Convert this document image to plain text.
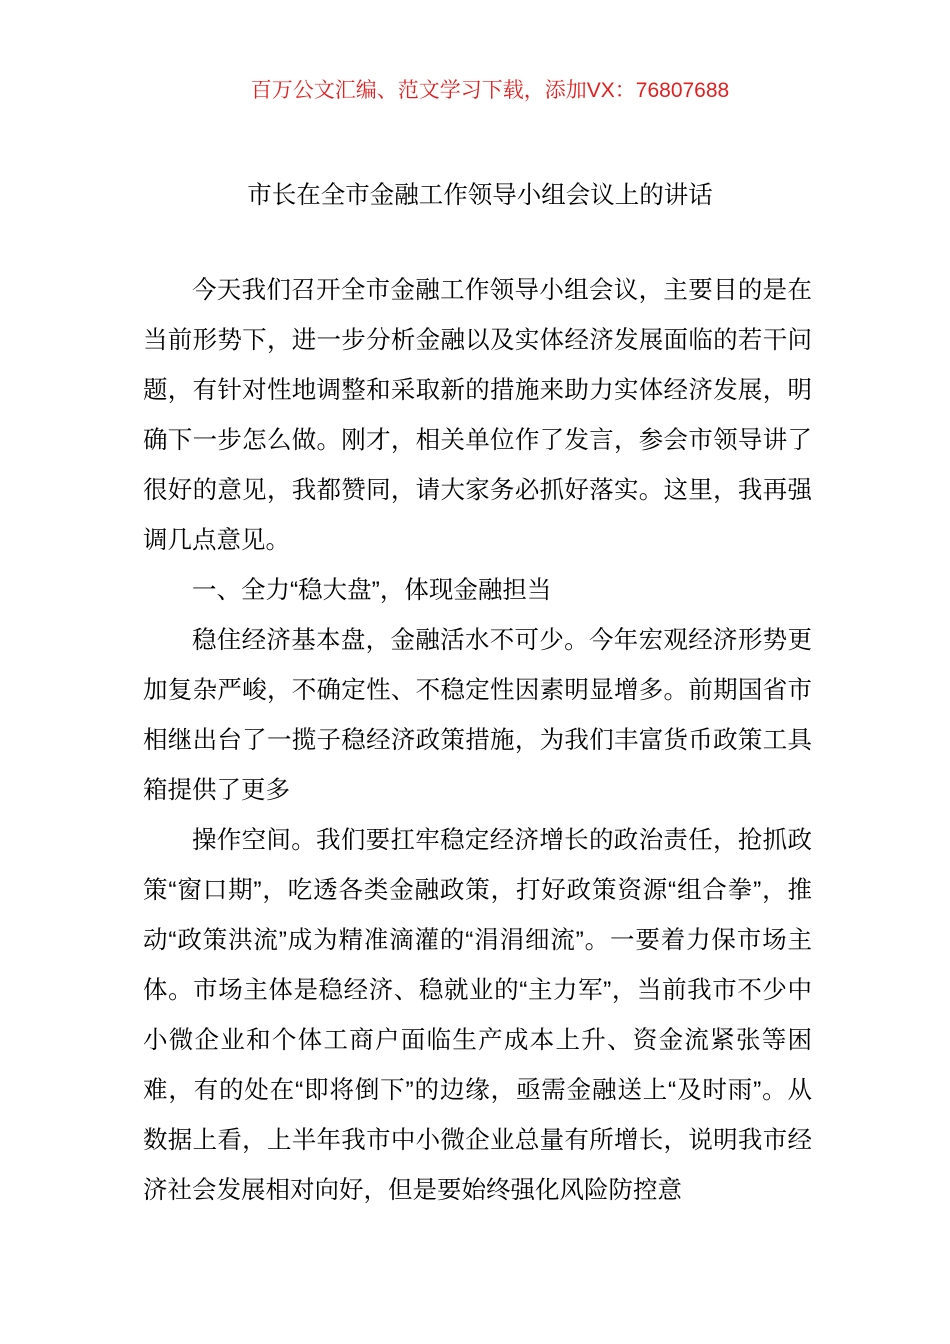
百万公文汇编、范文学习下载，添加VX：76807688
市长在全市金融工作领导小组会议上的讲话

今天我们召开全市金融工作领导小组会议，主要目的是在当前形势下，进一步分析金融以及实体经济发展面临的若干问题，有针对性地调整和采取新的措施来助力实体经济发展，明确下一步怎么做。刚才，相关单位作了发言，参会市领导讲了很好的意见，我都赞同，请大家务必抓好落实。这里，我再强调几点意见。

一、全力“稳大盘”，体现金融担当

稳住经济基本盘，金融活水不可少。今年宏观经济形势更加复杂严峻，不确定性、不稳定性因素明显增多。前期国省市相继出台了一揽子稳经济政策措施，为我们丰富货币政策工具箱提供了更多

操作空间。我们要扛牢稳定经济增长的政治责任，抢抓政策“窗口期”，吃透各类金融政策，打好政策资源“组合拳”，推动“政策洪流”成为精准滴灌的“涓涓细流”。一要着力保市场主体。市场主体是稳经济、稳就业的“主力军”，当前我市不少中小微企业和个体工商户面临生产成本上升、资金流紧张等困难，有的处在“即将倒下”的边缘，亟需金融送上“及时雨”。从数据上看，上半年我市中小微企业总量有所增长，说明我市经济社会发展相对向好，但是要始终强化风险防控意
